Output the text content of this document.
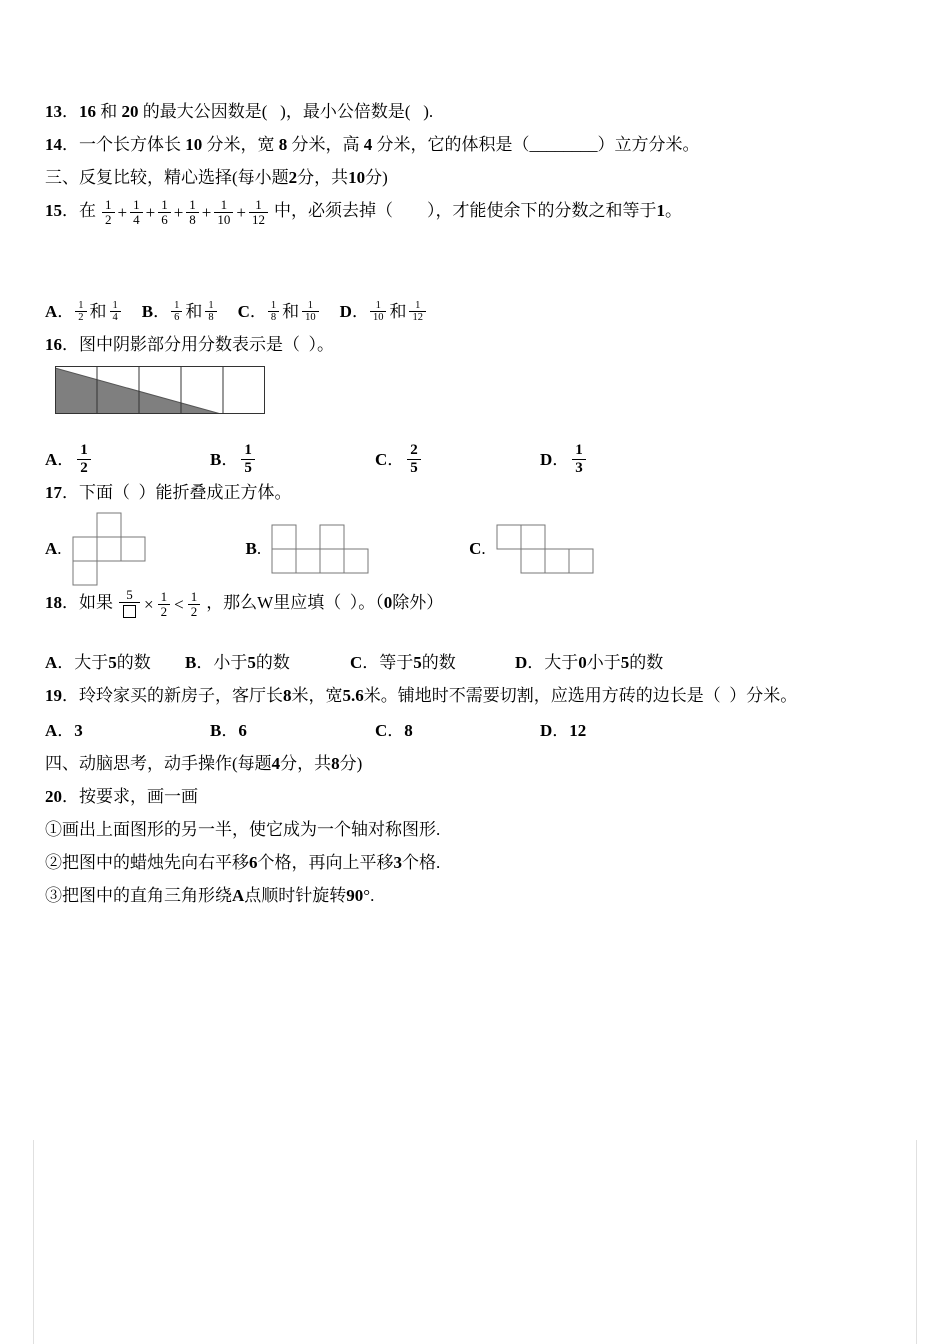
13．16 和 20 的最大公因数是(   )，最小公倍数是(   ).

14．一个长方体长 10 分米，宽 8 分米，高 4 分米，它的体积是（________）立方分米。

三、反复比较，精心选择(每小题2分，共10分)

15．在 $\frac{1}{2} + \frac{1}{4} + \frac{1}{6} + \frac{1}{8} + \frac{1}{10} + \frac{1}{12}$ 中，必须去掉（        ），才能使余下的分数之和等于1。

A． $\frac{1}{2}$ 和 $\frac{1}{4}$ B． $\frac{1}{6}$ 和 $\frac{1}{8}$ C． $\frac{1}{8}$ 和 $\frac{1}{10}$ D． $\frac{1}{10}$ 和 $\frac{1}{12}$

16．图中阴影部分用分数表示是（  ）。

A． $\frac{1}{2}$	B． $\frac{1}{5}$	C． $\frac{2}{5}$	D． $\frac{1}{3}$

17．下面（  ）能折叠成正方体。

A.	B.	C.

18．如果	5
× $\frac{1}{2} < \frac{1}{2}$ ，那么W里应填（  ）。（0除外）

A ．大于 5 的数	B ．小于 5 的数	C ．等于 5 的数	D ．大于 0 小于 5 的数

19．玲玲家买的新房子，客厅长8米，宽5.6米。铺地时不需要切割，应选用方砖的边长是（  ）分米。

A ． 3	B ． 6	C ． 8	D ． 12

四、动脑思考，动手操作(每题4分，共8分)

20．按要求，画一画

①画出上面图形的另一半，使它成为一个轴对称图形.

②把图中的蜡烛先向右平移6个格，再向上平移3个格.

③把图中的直角三角形绕A点顺时针旋转90°.
